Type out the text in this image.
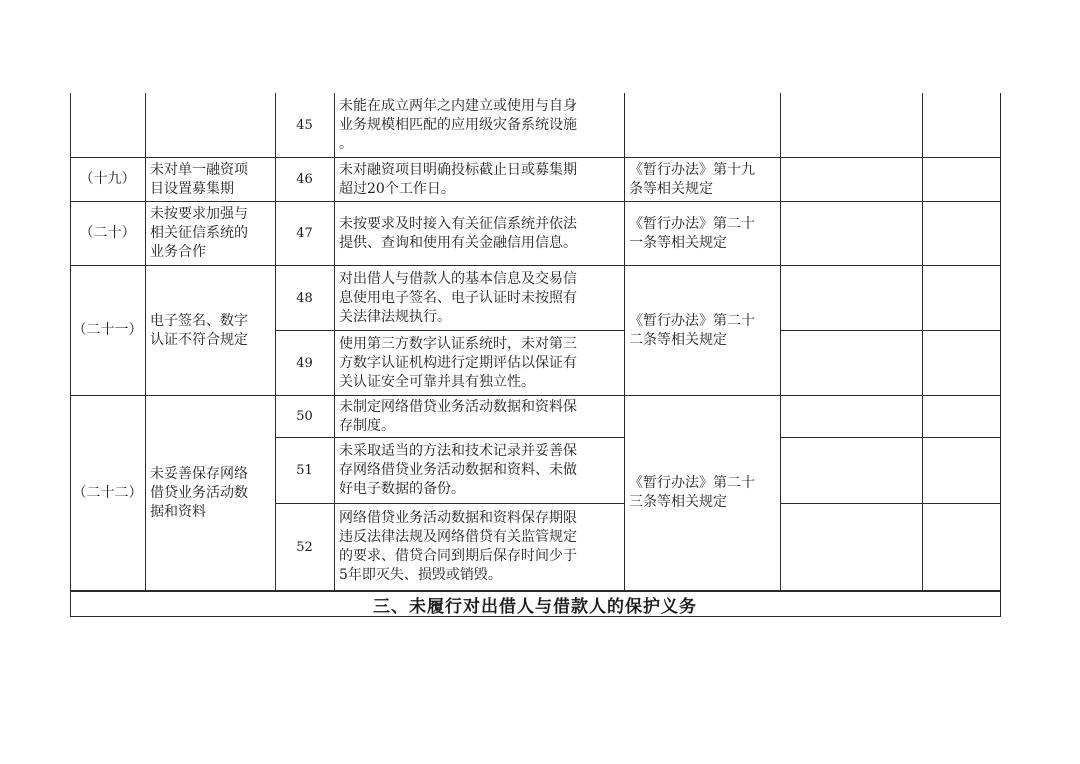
45
未能在成立两年之内建立或使用与自身
业务规模相匹配的应用级灾备系统设施
。
（十九）
未对单一融资项
目设置募集期
46
未对融资项目明确投标截止日或募集期
超过20个工作日。
《暂行办法》第十九
条等相关规定
（二十）
未按要求加强与
相关征信系统的
业务合作
47
未按要求及时接入有关征信系统并依法
提供、查询和使用有关金融信用信息。
《暂行办法》第二十
一条等相关规定
（二十一）
电子签名、数字
认证不符合规定
48
对出借人与借款人的基本信息及交易信
息使用电子签名、电子认证时未按照有
关法律法规执行。	《暂行办法》第二十
二条等相关规定
49
使用第三方数字认证系统时，未对第三
方数字认证机构进行定期评估以保证有
关认证安全可靠并具有独立性。
（二十二）
未妥善保存网络
借贷业务活动数
据和资料
《暂行办法》第二十
三条等相关规定
50
未制定网络借贷业务活动数据和资料保
存制度。
51
未采取适当的方法和技术记录并妥善保
存网络借贷业务活动数据和资料、未做
好电子数据的备份。
52
网络借贷业务活动数据和资料保存期限
违反法律法规及网络借贷有关监管规定
的要求、借贷合同到期后保存时间少于
5年即灭失、损毁或销毁。
三、未履行对出借人与借款人的保护义务
